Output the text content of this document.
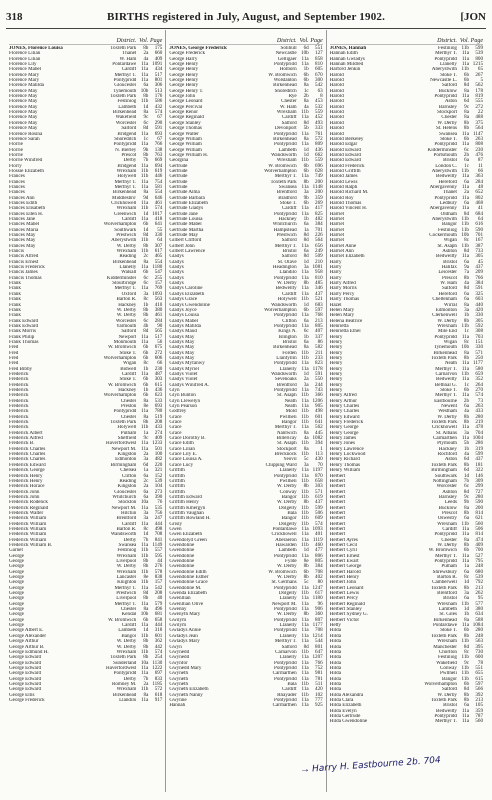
318	BIRTHS registered in July, August, and September 1902.	[JON
District. Vol. Page
JONES, Florence Louisa	Toxteth Park	8b	175
Florence Lilian	Thanet	2a	660
Florence Lilian	W. Ham	4a	409
Florence Lily	Pontardawe 11a 1091
Florence Mabel	Cardiff 11a	434
Florence Mary	Merthyr T. 11a	517
Florence Mary	Pontypridd 11a	801
Florence Matilda	Gloucester	6a	306
Florence May	Tynemouth 10b	513
Florence May	Toxteth Park	8b	176
Florence May	Festiniog 11b	586
Florence May	Lambeth	1d	432
Florence May	Birkenhead	8a	574
Florence May	Wakefield	9c	67
Florence May	Worcester	6c	290
Florence May	Salford	8d	591
Florence Rosina	Bridgend 11a	693
Florence Sarah	Shoreditch	1c	67
Florrie	Pontypridd 11a	766
Florrie	N. Bierley	9b	138
Florrie	Prescot	8b	763
Florrie Winifred	Derby	7b	669
Florry	Bridgend 11a	694
Flossie Elizabeth	Wrexham 11b	619
Frances	Holywell 11b	446
Frances	Merthyr T. 11a	754
Frances	Merthyr T. 11a	581
Frances	Birkenhead	8a	554
Frances Ann	Middlesbro'	9d	646
Frances Edith	Crickhowell 11a	461
Frances Elisabeth	Wrexham 11b	574
Frances Ellen H.	Greenwich	1d 1017
Frances Jane	Cardiff 11a	418
Frances Mabel	Wolverhampton	6b	641
Frances Maria	Southwark	1d	55
Frances May	Prestwich	8d	330
Frances May	Aberystwith 11b	64
Frances May	W. Derby	8b	307
Francis	Wrexham 11b	617
Francis Alfred	Reading	2c	465
Francis Ernest	Birkenhead	8a	554
Francis Frederick	Llanelly 11a 1180
Francis James	Walsall	6b	547
Francis Thomas	Kidderminster	6c	255
Frank	Stourbridge	6c	157
Frank	Merthyr T. 11a	769
Frank	Oxford	3a 1093
Frank	Barton R.	8c	563
Frank	Hackney	1b	410
Frank	W. Derby	8b	380
Frank	W. Derby	8b	461
Frank Edward	Worcester	6c	284
Frank Edward	Yarmouth	4b	90
Frank Morris	Salford	8d	565
Frank Philip	Newport 11a	517
Frank Thomas	Monmouth 11a	56
Fred	W. Bromwich	6b	675
Fred	Stoke T.	6b	272
Fred	Wolverhampton	6b	606
Fred	Wigan	8c	66
Fred Bibby	Bidwell	1b	230
Frederick	Cardiff 11a	487
Frederick	Stoke T.	6b	303
Frederick	W. Bromwich	6b	615
Frederick	Hackney	1b	436
Frederick	Wolverhampton	6b	623
Frederick	Chester	8a	533
Frederick	Preston	8e	693
Frederick	Pontypridd 11a	780
Frederick	Chester	8a	519
Frederick	Toxteth Park	8b	208
Frederick	Holywell 11b	433
Frederick Albert	Pulham	1a	274
Frederick Alfred	Sheffield	9c	409
Frederick B.	Haverfordwest 11a 1233
Frederick Charles	Newport M. 11a	501
Frederick Charles	Kingston	2a	100
Frederick Charles	Edmonton	3a	482
Frederick Edward	Birmingham	6d	220
Frederick George	Chelsea	1a	321
Frederick Henry	Clifton	6a	152
Frederick Henry	Reading	2c	539
Frederick Horace	Kingston	2a	104
Frederick John	Gloucester	6a	273
Frederick John	Whitchurch	6a	390
Frederick Rodenck	Stockton 10a	76
Frederick Reginald	Newport M. 11a	535
Frederick Walter	Hitchin	3a	756
Frederick William	Brentford	3a	247
Frederick William	Cardiff 11a	444
Frederick William	Barton R.	8c	498
Frederick William	Wandsworth	1d	708
Frederick William	Derby	7b	841
Frederick William B.	Swansea 11a 1149
Garnet	Festiniog 11b	557
George	Wrexham 11b	595
George	Liverpool	8b	44
George	W. Derby	8b	276
George	Wrexham 11b	578
George	Lancaster	8e	838
George	Knighton 11b	157
George	Merthyr T. 11a	542
George	Prestwich	8d	208
George	Liverpool	8b	40
George	Merthyr T. 11a	579
George	Chester	8a	496
George	Kendal 10b	681
George	W. Bromwich	6b	658
George	Cardiff 11a	444
George Albert E.	Lambeth	1d	318
George Alexander	Bangor 11b	601
George Arthur	W. Derby	8b	362
George Arthur B.	W. Derby	8b	442
George Edmund H.	Wrexham 11b	574
George Edward	Toxteth Park	8b	254
George Edward	Sunderland 10a 1130
George Edward	Haverfordwest 11a 1222
George Edward	Pontypridd 11a	697
George Edward	Derby	7b	833
George Edward	Romney M.	2a 1185
George Edward	Wrexham 11b	572
George Ellis	Birkenhead	8a	618
George Frederick	Llandilo 11a	917
District. Vol. Page
JONES, George Frederick	Solihull	6d	551
George Frederick	Newcastle 10b	127
George Harry	Gelligaer 11a	858
George Henry	Pontypridd 11a	810
George Henry	Holborn	1b	605
George Henry	W. Bromwich	6b	670
George Henry	Wolstanton	6b	300
George Henry	Birkenhead	8a	542
George Henry T.	Shoreditch	1c	63
George John	Rye	2b	8
George Leonard	Chester	8a	453
George Percival	W. Ham	4a	532
George Renor	Wrexham 11b	559
George Reginald	Cardiff 11a	452
George Stanley	Salford	8d	493
George Thomas	Devonport	5b	333
George Walter	Pontypridd 11a	761
George William	Birkenhead	8a	572
George William	Pontypridd 11a	809
George William	Lambeth	1d	436
George William H.	Wandsworth	1d	662
Georgina	Wrexham 11b	559
Gertrude	W. Bromwich	6b	696
Gertrude	Wolverhampton	6b	628
Gertrude	Merthyr T. 11a	749
Gertrude	Toxteth Park	8b	200
Gertrude	Swansea 11a 1148
Gertrude Alma	Brentford	3a	200
Gertrude Barbara	Bradford	9b	359
Gertrude Elizabeth	Stoke T.	6b	269
Gertrude Gladys	Cardiff 11a	417
Gertrude Jane	Pontypridd 11a	825
Gertrude Louisa	Hackney	1b	482
Gertrude Mabel	Whitchurch	6a	384
Gertrude Martha	Hampstead	1a	701
Gertrude May	Prestwich	8d	226
Gilbert Clifford	Salford	8d	564
Gilbert John	Merthyr T. 11a	656
Gilbert Lawrence	Bristol	6a	249
Gladys	Salford	8d	509
Gladys	St. Olave	1d	210
Gladys	Headington	3a 1081
Gladys	Llandilo 11a	958
Gladys	Pontypridd 11a	810
Gladys	W. Derby	8b	485
Gladys Caroline	Bedwellty 11a	346
Gladys Elizabeth	Cardiff 11a	437
Gladys Grace	Holywell 11b	521
Gladys Gwendoline	Wandsworth	1d	683
Gladys Joyce	Wolverhampton	6b	597
Gladys Louisa	Pontypridd 11a	768
Gladys Mabel	Clifton	6a	213
Gladys Matilda	Pontypridd 11a	805
Gladys Maud	Kings N.	6c	407
Gladys May	Islington	1b	337
Gladys May	Bristol	6a	86
Gladys May	Birkenhead	8a	582
Gladys May	Forden 11b	211
Gladys May	Llanfyllin 11b	233
Gladys Myfanwy	Pontypridd 11a	823
Gladys Myriel	Llanelly 11a 1178
Gladys Violet	Wandsworth	1d	591
Gladys Violet	Sevenoaks	2a	550
Gladys Winifred A.	Brentford	3a	244
Glyn	Pontypridd 11a	743
Glyn Bunton	St. Asaph 11b	366
Glyn Llewelyn	Neath 11a 1206
Glyn Pearson	Neath 11a	905
Godfrey	Mold 11b	498
Grace	Pwllheli 11b	601
Grace	Bangor 11b	641
Grace	Merthyr T. 11a	562
Grace	Nantwich	8a	445
Grace Dorothy B.	Billericay	4a 1082
Grace Edith	St. Asaph 11b	394
Grace Lilian	Stockport	8a	1
Grace Lily E.	Brecknock 11b	113
Grace Louisa A.	Yeovil	5c	430
Grace Lucy	Chipping Ward	3a	70
Griffith	Llanelly 11a 1197
Griffith	Pontypridd 11a	870
Griffith	Pwllheli 11b	658
Griffith	W. Derby	8b	303
Griffith	Conway 11b	571
Griffith Edward	Bangor 11b	619
Griffith Henry	W. Derby	8b	437
Griffith Kmergyn	Dolgelly 11b	599
Griffith Vaughan	Bala 11b	506
Griffith Rowland H.	Bangor 11b	609
Grisly	Dolgelly 11b	574
Gwen	Pontardawe 11a 1093
Gwen Elizabeth	Crickhowell 11a	401
Gwendolyd Green	Aberaeron 11a 1119
Gwendoline	Hawarden 11b	460
Gwendoline	Lambeth	1d	477
Gwendoline	Pontypridd 11a	806
Gwendoline	Fylde	8e	805
Gwendoline	W. Derby	8b	384
Gwendoline Edith	W. Bromwich	6b	708
Gwendoline Esther	W. Derby	8b	402
Gwendoline Grace	St. Germans	5c	80
Gwendoline M.	Pontypridd 11a 1247
Gwenda Elizabeth	Dolgelly 11b	617
Gwenllian	Llanelly 11a 1180
Gwenllian Olive	Newport M. 11a	96
Gwenny	Pontypridd 11a	906
Gwenyth Mary	W. Derby	8b	360
Gwilym	Pontypridd 11a	807
Gwilym	Llanelly 11a 1177
Gwladys Annie	Pontypridd 11a	708
Gwladys Jean	Llanelly 11a 1214
Gwladys Mary	Merthyr T. 11a	544
Gwyn	Salford	8d	801
Gwynedd	Carnarvon 11b	647
Gwynedd	Llanelly 11a 1207
Gwynfor	Pontypridd 11a	766
Gwynedd Mary	Pontypridd 11a	752
Gwyneth	Carmarthen 11a	981
Gwyneth	Pontypridd 11a	781
Gwyneth	Bala 11b	511
Gwyneth Elizabeth	Cardiff 11a	420
Gwyneth Nanny	Rhayader 11b	102
Gwynne	Pontypridd 11a	777
Hannah	Carmarthen 11a	925
District. Vol. Page
JONES, Hannah	Festiniog 11b	599
Hannah Edith	Merthyr T. 11a	539
Hannah Gwladys	Pontypridd 11a	800
Hannah Mildred	Llanelly 11a 1215
Harford Jenkin	Aberystwith 11b	65
Harold	Stoke T.	6b	267
Harold	Newcastle L.	6b	5
Harold	Salford	8d	562
Harold	Bucklow	8a	178
Harold	Pontypridd 11a	819
Harold	Aston	6d	555
Harold	Barnsley	9c	272
Harold	Stockport	8a	22
Harold	Chester	8a	488
Harold	W. Derby	8b	375
Harold	St. Helens	8b	564
Harold	Swansea 11a 1147
Harold Berkeley	Stoke T.	6b	263
Harold Edgar	Pontypridd 11a	808
Harold Edward	Kidderminster	6c	230
Harold Edward	Portsmouth	2b	476
Harold Edward	Bristol	6a	87
Harold Frederick	London C.	1c	11
Harold Griffith	Aberystwith 11b	66
Harold James	Bedwellty 11a	363
Harold Lewis	Hereford	6a	284
Harold Ralph	Abergavenny 11a	48
Harold Richard M.	Thanet	2a	652
Harold Roy	Pontypridd 11a	802
Harold Thomas	Ledbury	6a	468
Harold Vincent H.	Abergavenny 11a	41
Harriet	Oldham	8d	684
Harriet	Aberystwith 11b	64
Harriet	Bangor 11b	616
Harriet	Festiniog 11b	590
Harriet	Cockermouth 10b	701
Harriet	Wigan	8c	167
Harriet Anne	St. Asaph 11b	387
Harriet Ann	Ashton	8d	733
Harriet Elizabeth	Bedwellty 11a	305
Harry	Bristol	6a	45
Harry	Halifax	9a	437
Harry	Leicester	7a	209
Harry	Prescot	8b	766
Harry Alfred	W. Ham	4a	384
Harry Morris	Salford	8d	591
Harry Percy	Hereford	6a	325
Harry Thomas	Cheltenham	6a	603
Hazel	Wirral	8a	440
Helen Mary	Edmonton	3a	420
Helen Mary	Clerkenwell	1b	330
Helena Beatrice	W. Derby	8b	305
Henrietta	Wrexham 11b	592
Henrietta Ethel	Mile End	1c	308
Henry	Pontypridd 11a	703
Henry	Wigan	8c	151
Henry	Tynemouth 10b	330
Henry	Birkenhead	8a	571
Henry	Toxteth Park	8b	250
Henry	Neath 11a 1177
Henry	Merthyr T. 11a	580
Henry	Carnarvon 11b	659
Henry	Bedwellty 11a	352
Henry	Bethnal G.	1c	264
Henry	Stoke T.	6b	270
Henry Alfred	Merthyr T. 11a	574
Henry Arthur	Eastbourne	2b	73
Henry Charles	Newent	6a	263
Henry Charles	Westham	4a	433
Henry Edward	W. Derby	8b	280
Henry Frederick	Toxteth Park	8b	219
Henry George	Crickhowell 11a	478
Henry George	St. Albans	3a	704
Henry James	Carmarthen 11a 1004
Henry Jones	Plymouth	5b	286
Henry Lawrence	Hackney	1b	319
Henry Lockwood	Rochford	4a	599
Henry Richard	Aston	6d	437
Henry Thomas	Toxteth Park	8b	181
Henry William	Birmingham	6d	322
Herbert	Southwark	1d	146
Herbert	Nottingham	7b	309
Herbert	Worcester	6c	299
Herbert	Ashton	8d	727
Herbert	Barnsley	9c	280
Herbert	Leeds	9b	590
Herbert	Bucklow	8a	200
Herbert	Prescot	8b	814
Herbert	Oswestry	6a	621
Herbert	Wrexham 11b	560
Herbert	Cardiff 11a	506
Herbert	Pontypridd 11a	814
Herbert Ayres	Chester	8a	474
Herbert Cecil	W. Derby	8b	409
Herbert Cyril	W. Bromwich	6b	700
Herbert Ernest	Merthyr T. 11a	527
Herbert Ewart	Pontypridd 11a	795
Herbert George	Pulham	1a	248
Herbert Harold	Shrewsbury	6a	680
Herbert Henry	Barton R.	8c	539
Herbert John	Camberwell	1d	792
Herbert Leonard	Toxteth Park	8b	213
Herbert Lewis	Brentford	3a	262
Herbert Percy	Bristol	6a	95
Herbert Reginald	Wrexham 11b	577
Herbert Stanley	Lambeth	1d	380
Herbert Sydney G.	St. Giles	1b	634
Herbert Victor	Birkenhead	8a	588
Hetty	Pontardawe 11a 1084
Hilda	Stoke T.	6b	280
Hilda	Toxteth Park	8b	248
Hilda	Wrexham 11b	563
Hilda	Manchester	8d	395
Hilda	Chorlton	8c	730
Hilda	Festiniog 11b	600
Hilda	Wakefield	9c	78
Hilda	Conway 11b	551
Hilda	Pwllheli 11b	655
Hilda	Bangor 11b	615
Hilda	Wolverhampton	6b	597
Hilda	Salford	8d	566
Hilda Alexandra	W. Derby	8b	392
Hilda Clara	Toxteth Park	8b	213
Hilda Elizabeth	Bristol	6a	105
Hilda Evelyn	Bedwellty 11a	359
Hilda Gertrude	Pontypridd 11a	787
Hilda Gwendoline	Merthyr T. 11a	560
→ Harry H. Eastbourne 2b. 704
